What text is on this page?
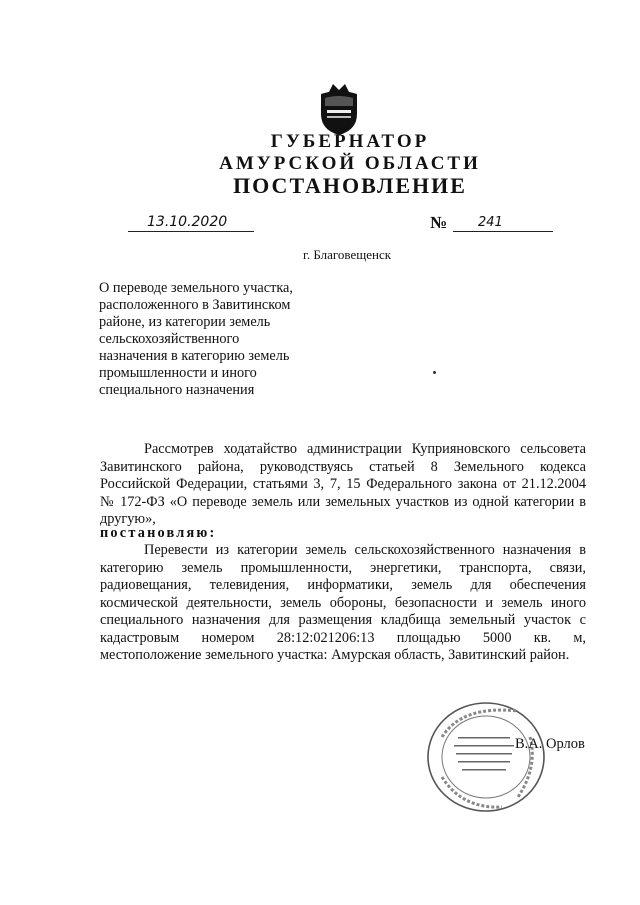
ГУБЕРНАТОР
АМУРСКОЙ ОБЛАСТИ
ПОСТАНОВЛЕНИЕ
13.10.2020	№ 241
г. Благовещенск
О переводе земельного участка,
расположенного в Завитинском
районе, из категории земель
сельскохозяйственного
назначения в категорию земель
промышленности и иного
специального назначения
Рассмотрев ходатайство администрации Куприяновского сельсовета
Завитинского района, руководствуясь статьей 8 Земельного кодекса
Российской Федерации, статьями 3, 7, 15 Федерального закона от 21.12.2004
№ 172-ФЗ «О переводе земель или земельных участков из одной категории в
другую»,
постановляю:
Перевести из категории земель сельскохозяйственного назначения в
категорию земель промышленности, энергетики, транспорта, связи,
радиовещания, телевидения, информатики, земель для обеспечения
космической деятельности, земель обороны, безопасности и земель иного
специального назначения для размещения кладбища земельный участок с
кадастровым номером 28:12:021206:13 площадью 5000 кв. м,
местоположение земельного участка: Амурская область, Завитинский район.
В.А. Орлов
